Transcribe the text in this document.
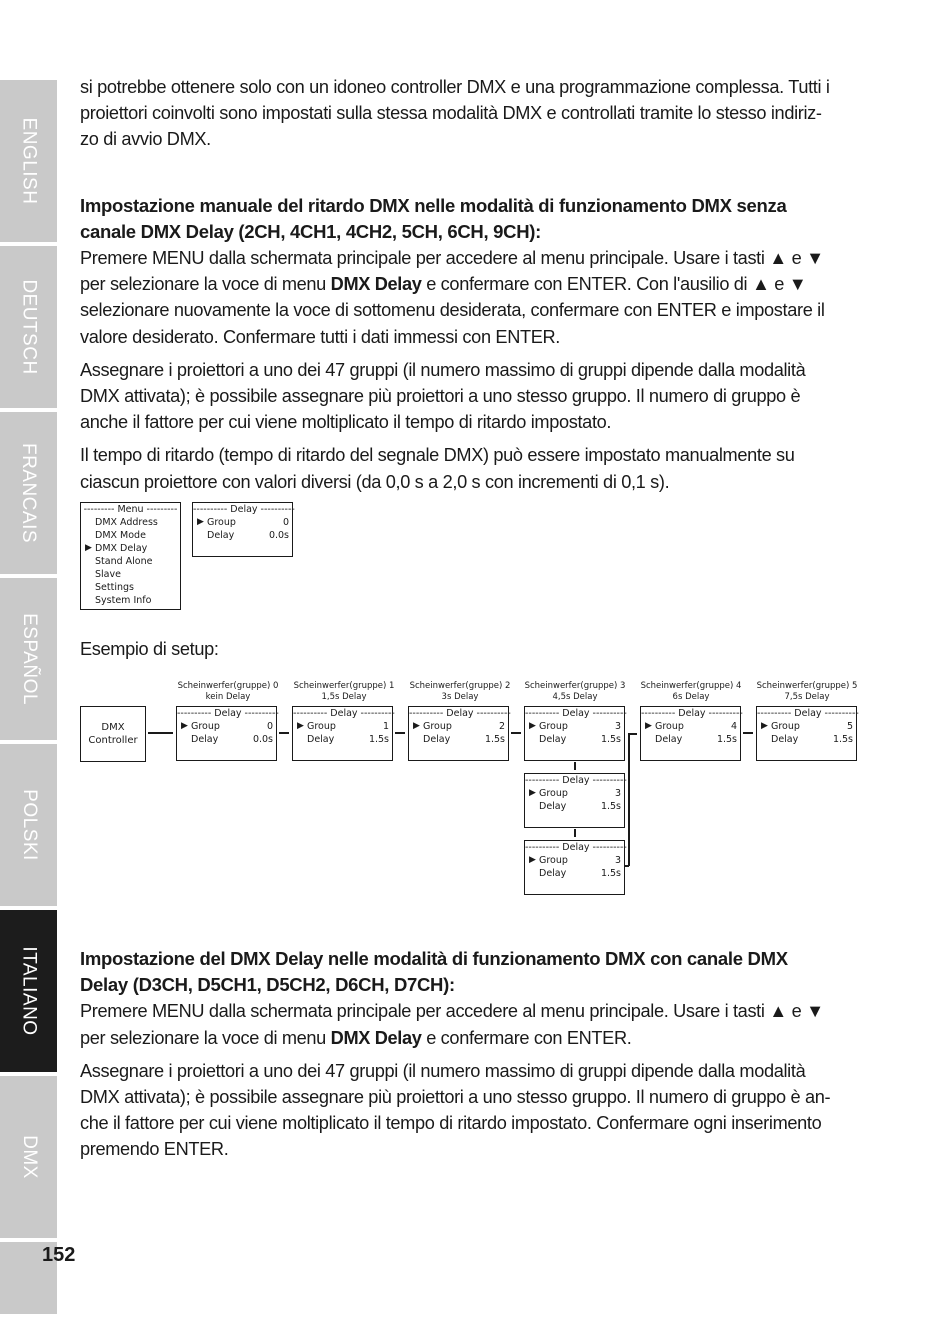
ENGLISH
DEUTSCH
FRANCAIS
ESPAÑOL
POLSKI
ITALIANO
DMX

si potrebbe ottenere solo con un idoneo controller DMX e una programmazione complessa. Tutti i

proiettori coinvolti sono impostati sulla stessa modalità DMX e controllati tramite lo stesso indiriz-

zo di avvio DMX.

Impostazione manuale del ritardo DMX nelle modalità di funzionamento DMX senza
canale DMX Delay (2CH, 4CH1, 4CH2, 5CH, 6CH, 9CH):

Premere MENU dalla schermata principale per accedere al menu principale. Usare i tasti ▲ e ▼

per selezionare la voce di menu DMX Delay e confermare con ENTER. Con l'ausilio di ▲ e ▼

selezionare nuovamente la voce di sottomenu desiderata, confermare con ENTER e impostare il

valore desiderato. Confermare tutti i dati immessi con ENTER.

Assegnare i proiettori a uno dei 47 gruppi (il numero massimo di gruppi dipende dalla modalità

DMX attivata); è possibile assegnare più proiettori a uno stesso gruppo. Il numero di gruppo è

anche il fattore per cui viene moltiplicato il tempo di ritardo impostato.

Il tempo di ritardo (tempo di ritardo del segnale DMX) può essere impostato manualmente su

ciascun proiettore con valori diversi (da 0,0 s a 2,0 s con incrementi di 0,1 s).

--------- Menu ---------
DMX Address
DMX Mode
▶ DMX Delay
Stand Alone
Slave
Settings
System Info
---------- Delay ----------
▶ Group	0
Delay	0.0s

Esempio di setup:

DMX
Controller
Scheinwerfer(gruppe) 0
kein Delay
Scheinwerfer(gruppe) 1
1,5s Delay
Scheinwerfer(gruppe) 2
3s Delay
Scheinwerfer(gruppe) 3
4,5s Delay
Scheinwerfer(gruppe) 4
6s Delay
Scheinwerfer(gruppe) 5
7,5s Delay
---------- Delay ----------
▶ Group	0
Delay	0.0s
---------- Delay ----------
▶ Group	1
Delay	1.5s
---------- Delay ----------
▶ Group	2
Delay	1.5s
---------- Delay ----------
▶ Group	3
Delay	1.5s
---------- Delay ----------
▶ Group	4
Delay	1.5s
---------- Delay ----------
▶ Group	5
Delay	1.5s
---------- Delay ----------
▶ Group	3
Delay	1.5s
---------- Delay ----------
▶ Group	3
Delay	1.5s
Impostazione del DMX Delay nelle modalità di funzionamento DMX con canale DMX
Delay (D3CH, D5CH1, D5CH2, D6CH, D7CH):

Premere MENU dalla schermata principale per accedere al menu principale. Usare i tasti ▲ e ▼

per selezionare la voce di menu DMX Delay e confermare con ENTER.

Assegnare i proiettori a uno dei 47 gruppi (il numero massimo di gruppi dipende dalla modalità

DMX attivata); è possibile assegnare più proiettori a uno stesso gruppo. Il numero di gruppo è an-

che il fattore per cui viene moltiplicato il tempo di ritardo impostato. Confermare ogni inserimento

premendo ENTER.

152
